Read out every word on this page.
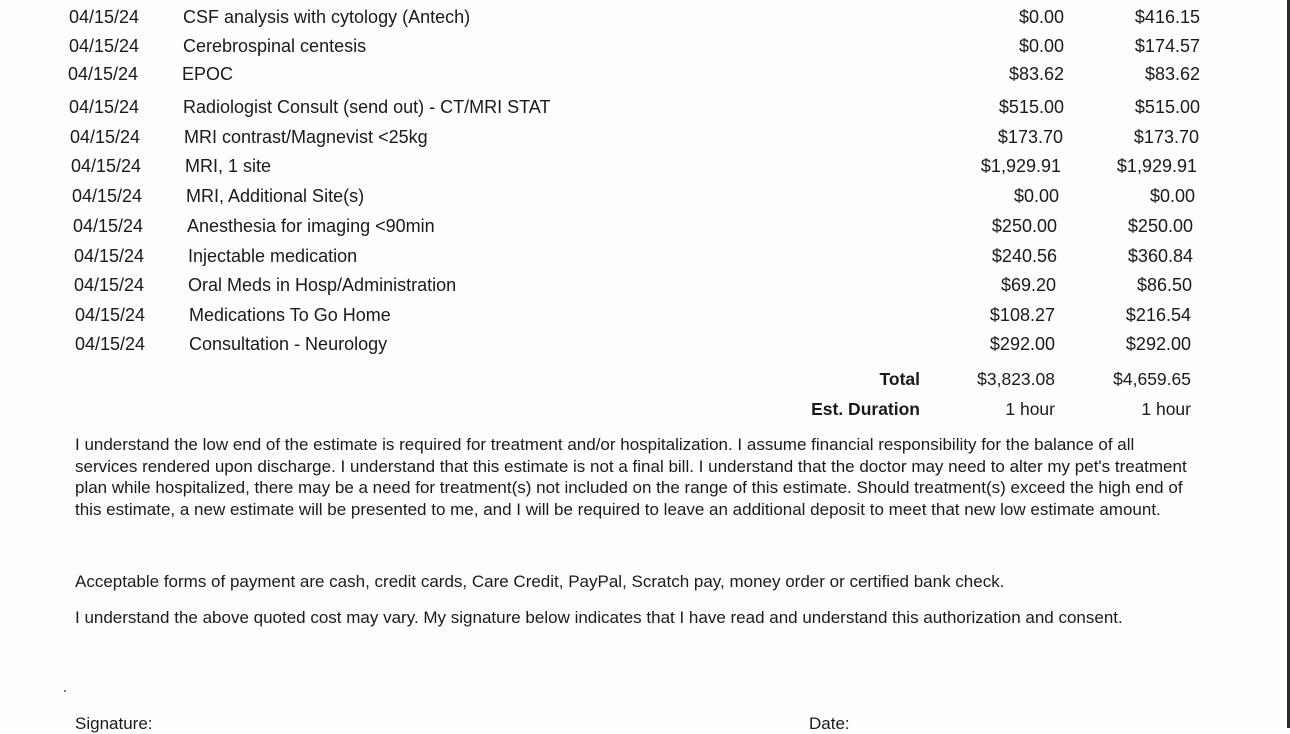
04/15/24	CSF analysis with cytology (Antech)	$0.00	$416.15
04/15/24	Cerebrospinal centesis	$0.00	$174.57
04/15/24	EPOC	$83.62	$83.62
04/15/24	Radiologist Consult (send out) - CT/MRI STAT	$515.00	$515.00
04/15/24	MRI contrast/Magnevist <25kg	$173.70	$173.70
04/15/24	MRI, 1 site	$1,929.91	$1,929.91
04/15/24	MRI, Additional Site(s)	$0.00	$0.00
04/15/24	Anesthesia for imaging <90min	$250.00	$250.00
04/15/24	Injectable medication	$240.56	$360.84
04/15/24	Oral Meds in Hosp/Administration	$69.20	$86.50
04/15/24	Medications To Go Home	$108.27	$216.54
04/15/24	Consultation - Neurology	$292.00	$292.00
Total	$3,823.08	$4,659.65
Est. Duration	1 hour	1 hour

I understand the low end of the estimate is required for treatment and/or hospitalization. I assume financial responsibility for the balance of all services rendered upon discharge. I understand that this estimate is not a final bill. I understand that the doctor may need to alter my pet's treatment plan while hospitalized, there may be a need for treatment(s) not included on the range of this estimate. Should treatment(s) exceed the high end of this estimate, a new estimate will be presented to me, and I will be required to leave an additional deposit to meet that new low estimate amount.

Acceptable forms of payment are cash, credit cards, Care Credit, PayPal, Scratch pay, money order or certified bank check.

I understand the above quoted cost may vary. My signature below indicates that I have read and understand this authorization and consent.

Signature:	Date:
